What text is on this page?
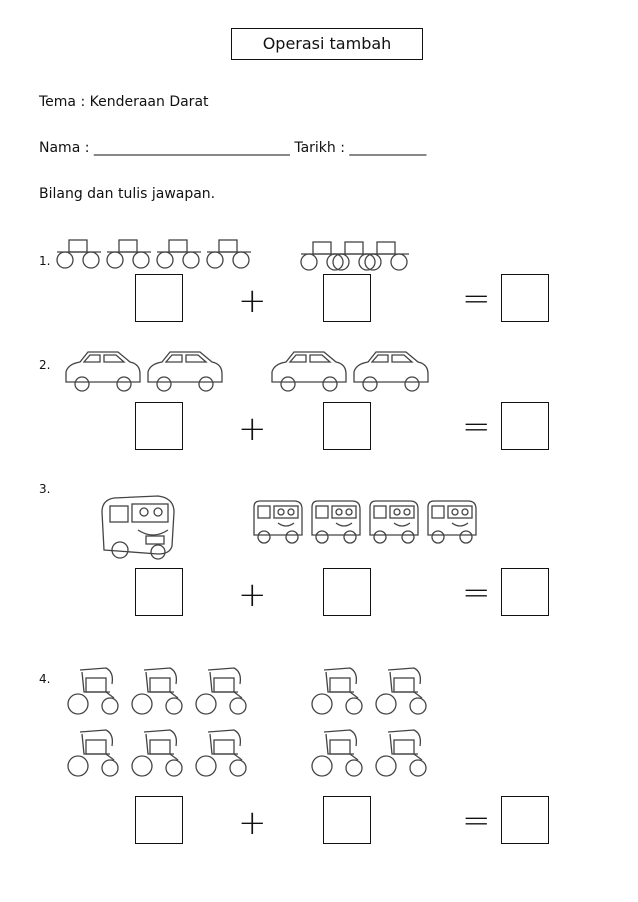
Operasi tambah
Tema : Kenderaan Darat
Nama : ____________________________ Tarikh : ___________
Bilang dan tulis jawapan.
1.
+	=
2.
+	=
3.
+	=
4.
+	=
